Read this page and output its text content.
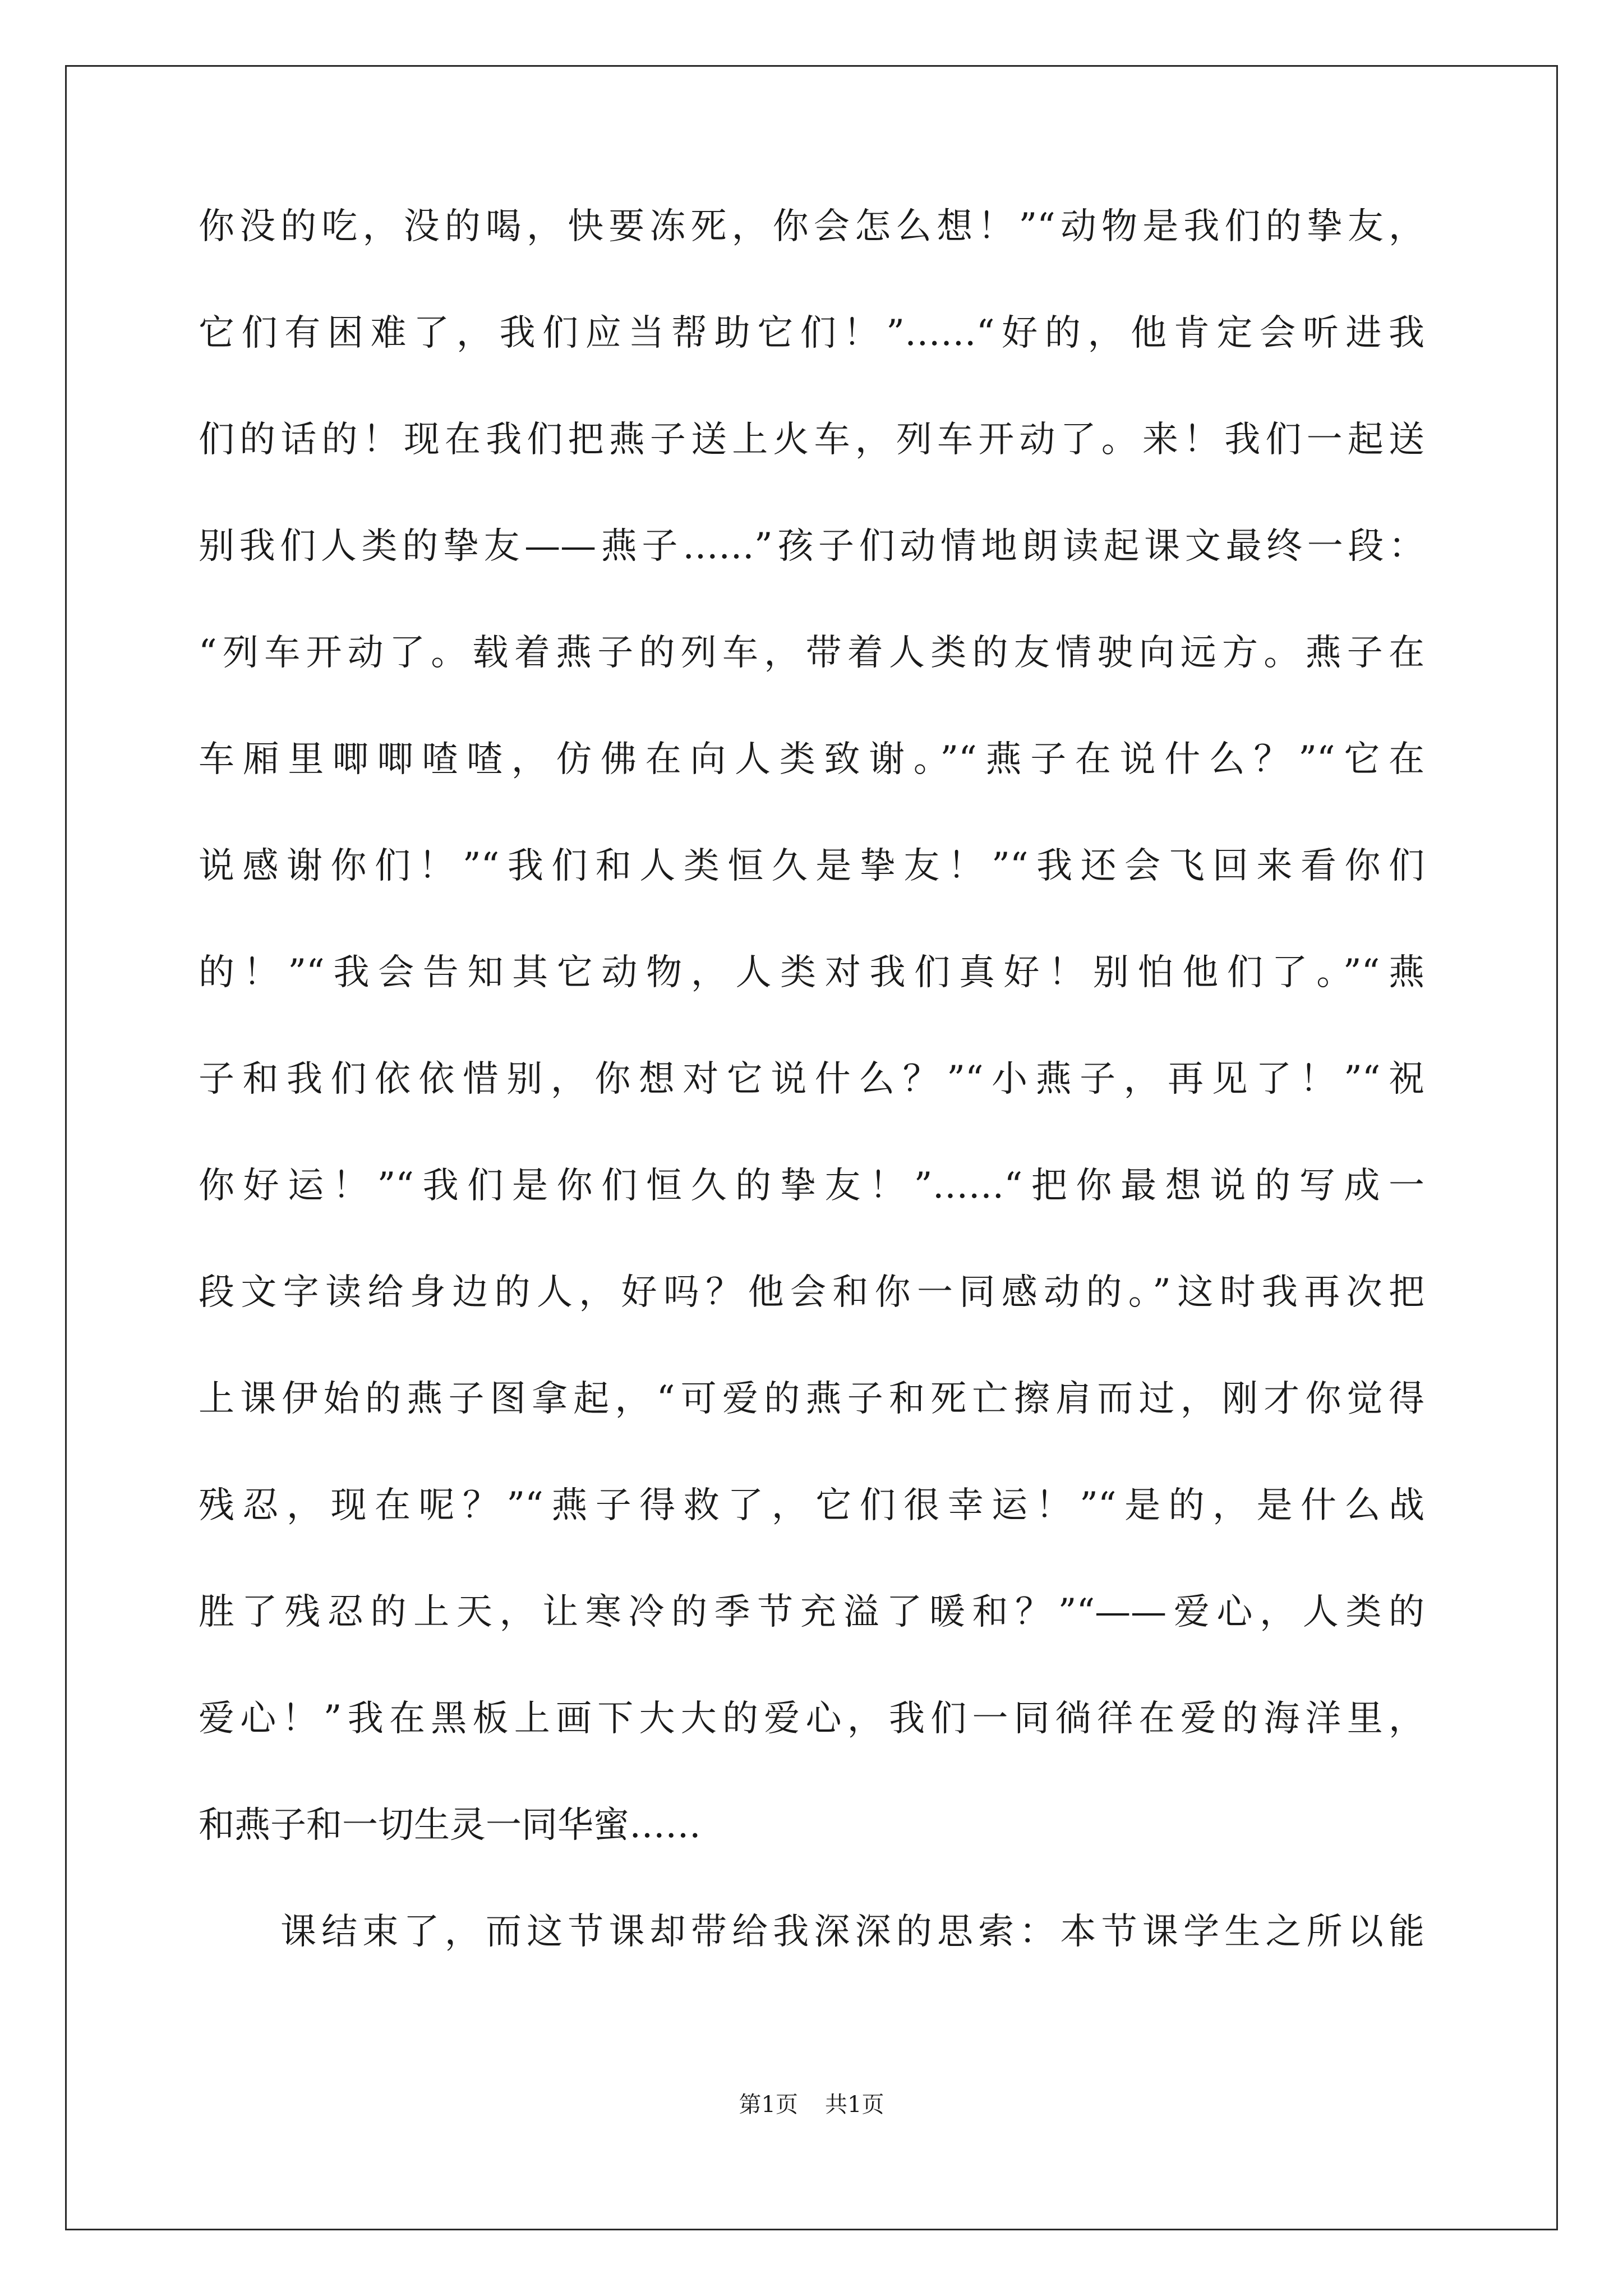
你没的吃，没的喝，快要冻死，你会怎么想！”“动物是我们的挚友，
它们有困难了，我们应当帮助它们！”……“好的，他肯定会听进我
们的话的！现在我们把燕子送上火车，列车开动了。来！我们一起送
别我们人类的挚友——燕子……”孩子们动情地朗读起课文最终一段：
“列车开动了。载着燕子的列车，带着人类的友情驶向远方。燕子在
车厢里唧唧喳喳，仿佛在向人类致谢。”“燕子在说什么？”“它在
说感谢你们！”“我们和人类恒久是挚友！”“我还会飞回来看你们
的！”“我会告知其它动物，人类对我们真好！别怕他们了。”“燕
子和我们依依惜别，你想对它说什么？”“小燕子，再见了！”“祝
你好运！”“我们是你们恒久的挚友！”……“把你最想说的写成一
段文字读给身边的人，好吗？他会和你一同感动的。”这时我再次把
上课伊始的燕子图拿起，“可爱的燕子和死亡擦肩而过，刚才你觉得
残忍，现在呢？”“燕子得救了，它们很幸运！”“是的，是什么战
胜了残忍的上天，让寒冷的季节充溢了暖和？”“——爱心，人类的
爱心！”我在黑板上画下大大的爱心，我们一同徜徉在爱的海洋里，
和燕子和一切生灵一同华蜜……
课结束了，而这节课却带给我深深的思索：本节课学生之所以能
第1页 共1页
